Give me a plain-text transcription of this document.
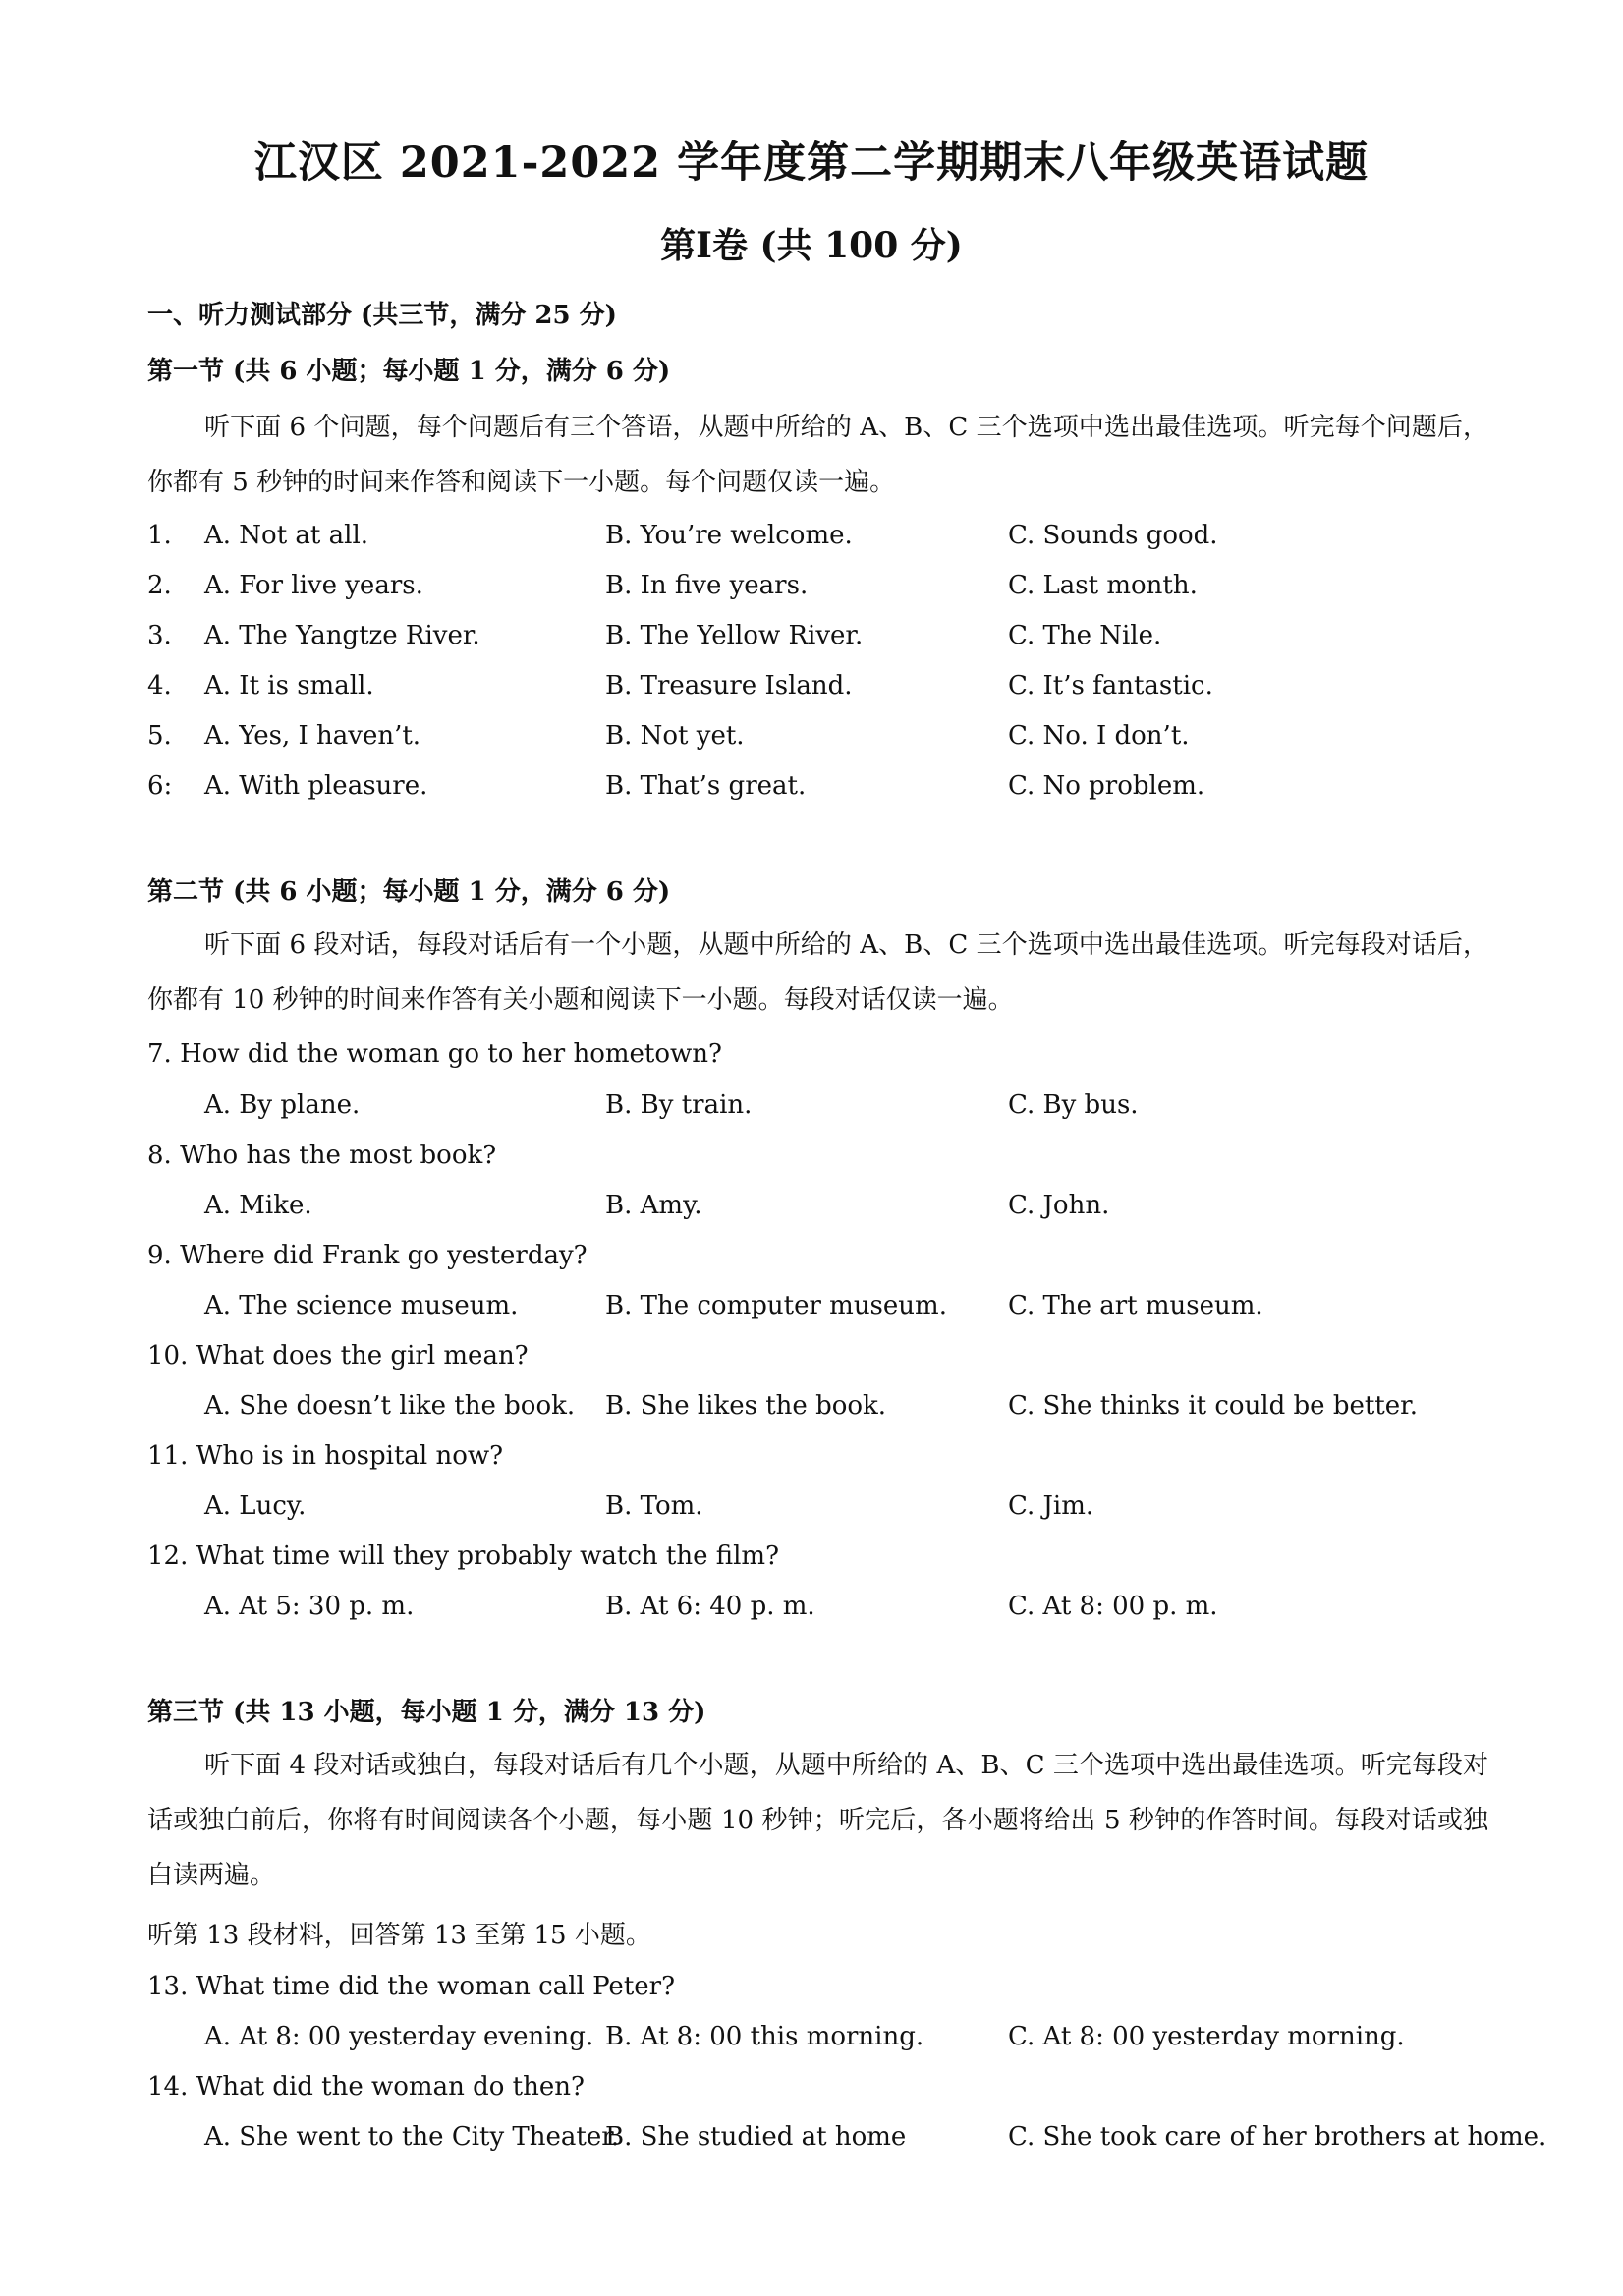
江汉区 2021-2022 学年度第二学期期末八年级英语试题
第Ⅰ卷 (共 100 分)
一、听力测试部分 (共三节，满分 25 分)
第一节 (共 6 小题；每小题 1 分，满分 6 分)
听下面 6 个问题，每个问题后有三个答语，从题中所给的 A、B、C 三个选项中选出最佳选项。听完每个问题后，你都有 5 秒钟的时间来作答和阅读下一小题。每个问题仅读一遍。
1. A. Not at all.	B. You’re welcome.	C. Sounds good.
2. A. For live years.	B. In five years.	C. Last month.
3. A. The Yangtze River.	B. The Yellow River.	C. The Nile.
4. A. It is small.	B. Treasure Island.	C. It’s fantastic.
5. A. Yes, I haven’t.	B. Not yet.	C. No. I don’t.
6: A. With pleasure.	B. That’s great.	C. No problem.
第二节 (共 6 小题；每小题 1 分，满分 6 分)
听下面 6 段对话，每段对话后有一个小题，从题中所给的 A、B、C 三个选项中选出最佳选项。听完每段对话后，你都有 10 秒钟的时间来作答有关小题和阅读下一小题。每段对话仅读一遍。
7. How did the woman go to her hometown?
A. By plane.	B. By train.	C. By bus.
8. Who has the most book?
A. Mike.	B. Amy.	C. John.
9. Where did Frank go yesterday?
A. The science museum.	B. The computer museum. C. The art museum.
10. What does the girl mean?
A. She doesn’t like the book. B. She likes the book.	C. She thinks it could be better.
11. Who is in hospital now?
A. Lucy.	B. Tom.	C. Jim.
12. What time will they probably watch the film?
A. At 5: 30 p. m.	B. At 6: 40 p. m.	C. At 8: 00 p. m.
第三节 (共 13 小题，每小题 1 分，满分 13 分)
听下面 4 段对话或独白，每段对话后有几个小题，从题中所给的 A、B、C 三个选项中选出最佳选项。听完每段对话或独白前后，你将有时间阅读各个小题，每小题 10 秒钟；听完后，各小题将给出 5 秒钟的作答时间。每段对话或独白读两遍。
听第 13 段材料，回答第 13 至第 15 小题。
13. What time did the woman call Peter?
A. At 8: 00 yesterday evening. B. At 8: 00 this morning.	C. At 8: 00 yesterday morning.
14. What did the woman do then?
A. She went to the City Theater.
B. She studied at home	C. She took care of her brothers at home.
